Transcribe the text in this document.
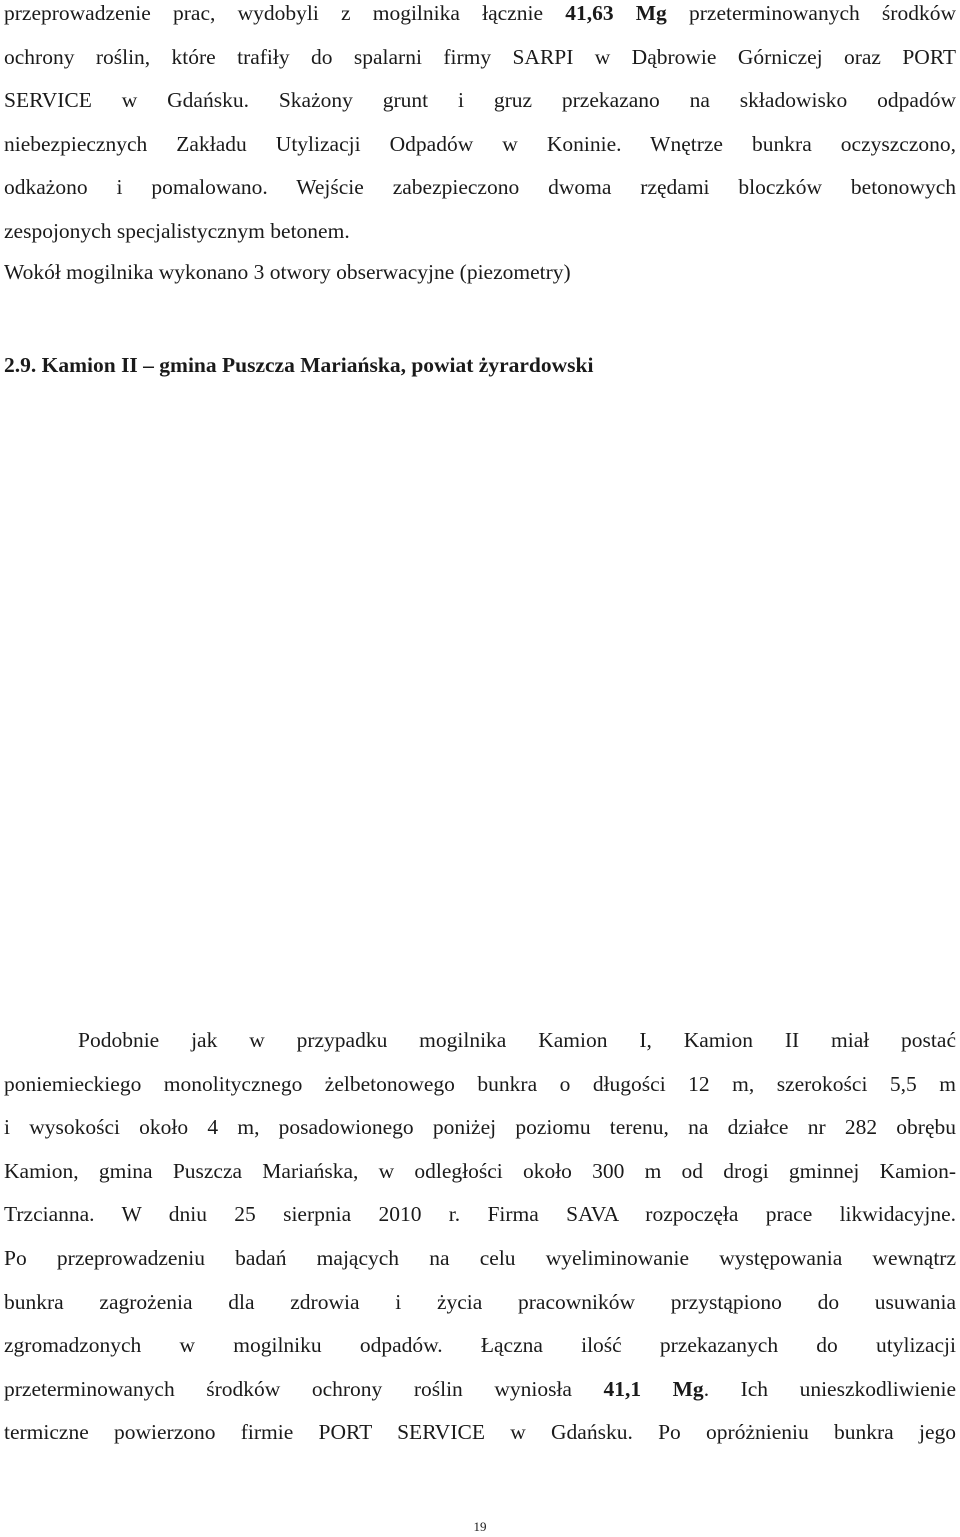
przeprowadzenie prac, wydobyli z mogilnika łącznie 41,63 Mg przeterminowanych środków
ochrony roślin, które trafiły do spalarni firmy SARPI w Dąbrowie Górniczej oraz PORT
SERVICE w Gdańsku. Skażony grunt i gruz przekazano na składowisko odpadów
niebezpiecznych Zakładu Utylizacji Odpadów w Koninie. Wnętrze bunkra oczyszczono,
odkażono i pomalowano. Wejście zabezpieczono dwoma rzędami bloczków betonowych
zespojonych specjalistycznym betonem.
Wokół mogilnika wykonano 3 otwory obserwacyjne (piezometry)
2.9. Kamion II – gmina Puszcza Mariańska, powiat żyrardowski
Podobnie jak w przypadku mogilnika Kamion I, Kamion II miał postać
poniemieckiego monolitycznego żelbetonowego bunkra o długości 12 m, szerokości 5,5 m
i wysokości około 4 m, posadowionego poniżej poziomu terenu, na działce nr 282 obrębu
Kamion, gmina Puszcza Mariańska, w odległości około 300 m od drogi gminnej Kamion-
Trzcianna. W dniu 25 sierpnia 2010 r. Firma SAVA rozpoczęła prace likwidacyjne.
Po przeprowadzeniu badań mających na celu wyeliminowanie występowania wewnątrz
bunkra zagrożenia dla zdrowia i życia pracowników przystąpiono do usuwania
zgromadzonych w mogilniku odpadów. Łączna ilość przekazanych do utylizacji
przeterminowanych środków ochrony roślin wyniosła 41,1 Mg. Ich unieszkodliwienie
termiczne powierzono firmie PORT SERVICE w Gdańsku. Po opróżnieniu bunkra jego
19
